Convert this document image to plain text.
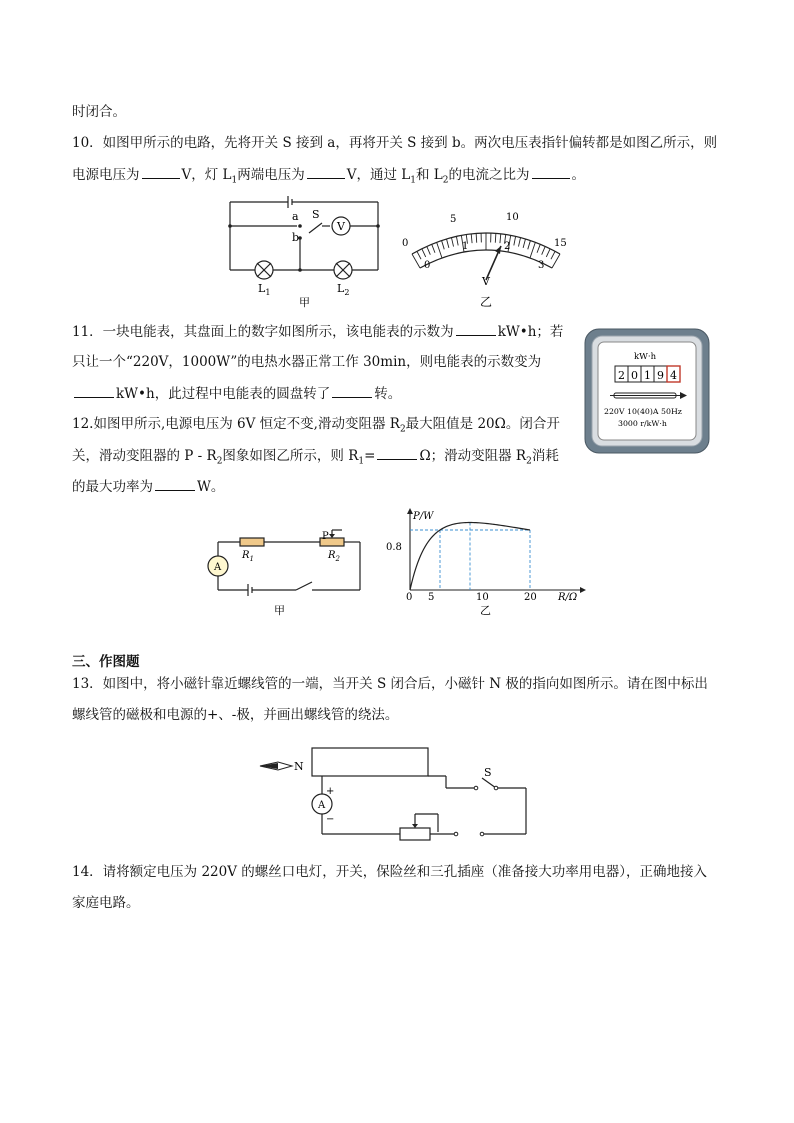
时闭合。
10．如图甲所示的电路，先将开关 S 接到 a，再将开关 S 接到 b。两次电压表指针偏转都是如图乙所示，则
电源电压为	V，灯 $L_1$两端电压为	V，通过 $L_1$和 $L_2$的电流之比为	。
a
b
S
V
$L_1$	$L_2$
甲
0
5	10
15
0
1	2
3
V
乙
11．一块电能表，其盘面上的数字如图所示，该电能表的示数为	kW•h；若
只让一个“220V，1000W”的电热水器正常工作 30min，则电能表的示数变为
kW•h，此过程中电能表的圆盘转了	转。
kW·h
2 0 1 9 4
220V 10(40)A 50Hz
3000 r/kW·h
12.如图甲所示,电源电压为 6V 恒定不变,滑动变阻器 $R_2$最大阻值是 20Ω。闭合开
关，滑动变阻器的 P - $R_2$图象如图乙所示，则 $R_1=$	Ω；滑动变阻器 $R_2$消耗
的最大功率为	W。
A
$R_1$	$R_2$
P
甲
P/W
R/Ω
0.8
0 5	10	20
乙
三、作图题
13．如图中，将小磁针靠近螺线管的一端，当开关 S 闭合后，小磁针 N 极的指向如图所示。请在图中标出
螺线管的磁极和电源的+、-极，并画出螺线管的绕法。
N
A
+
−
S
14．请将额定电压为 220V 的螺丝口电灯，开关，保险丝和三孔插座（准备接大功率用电器），正确地接入
家庭电路。
